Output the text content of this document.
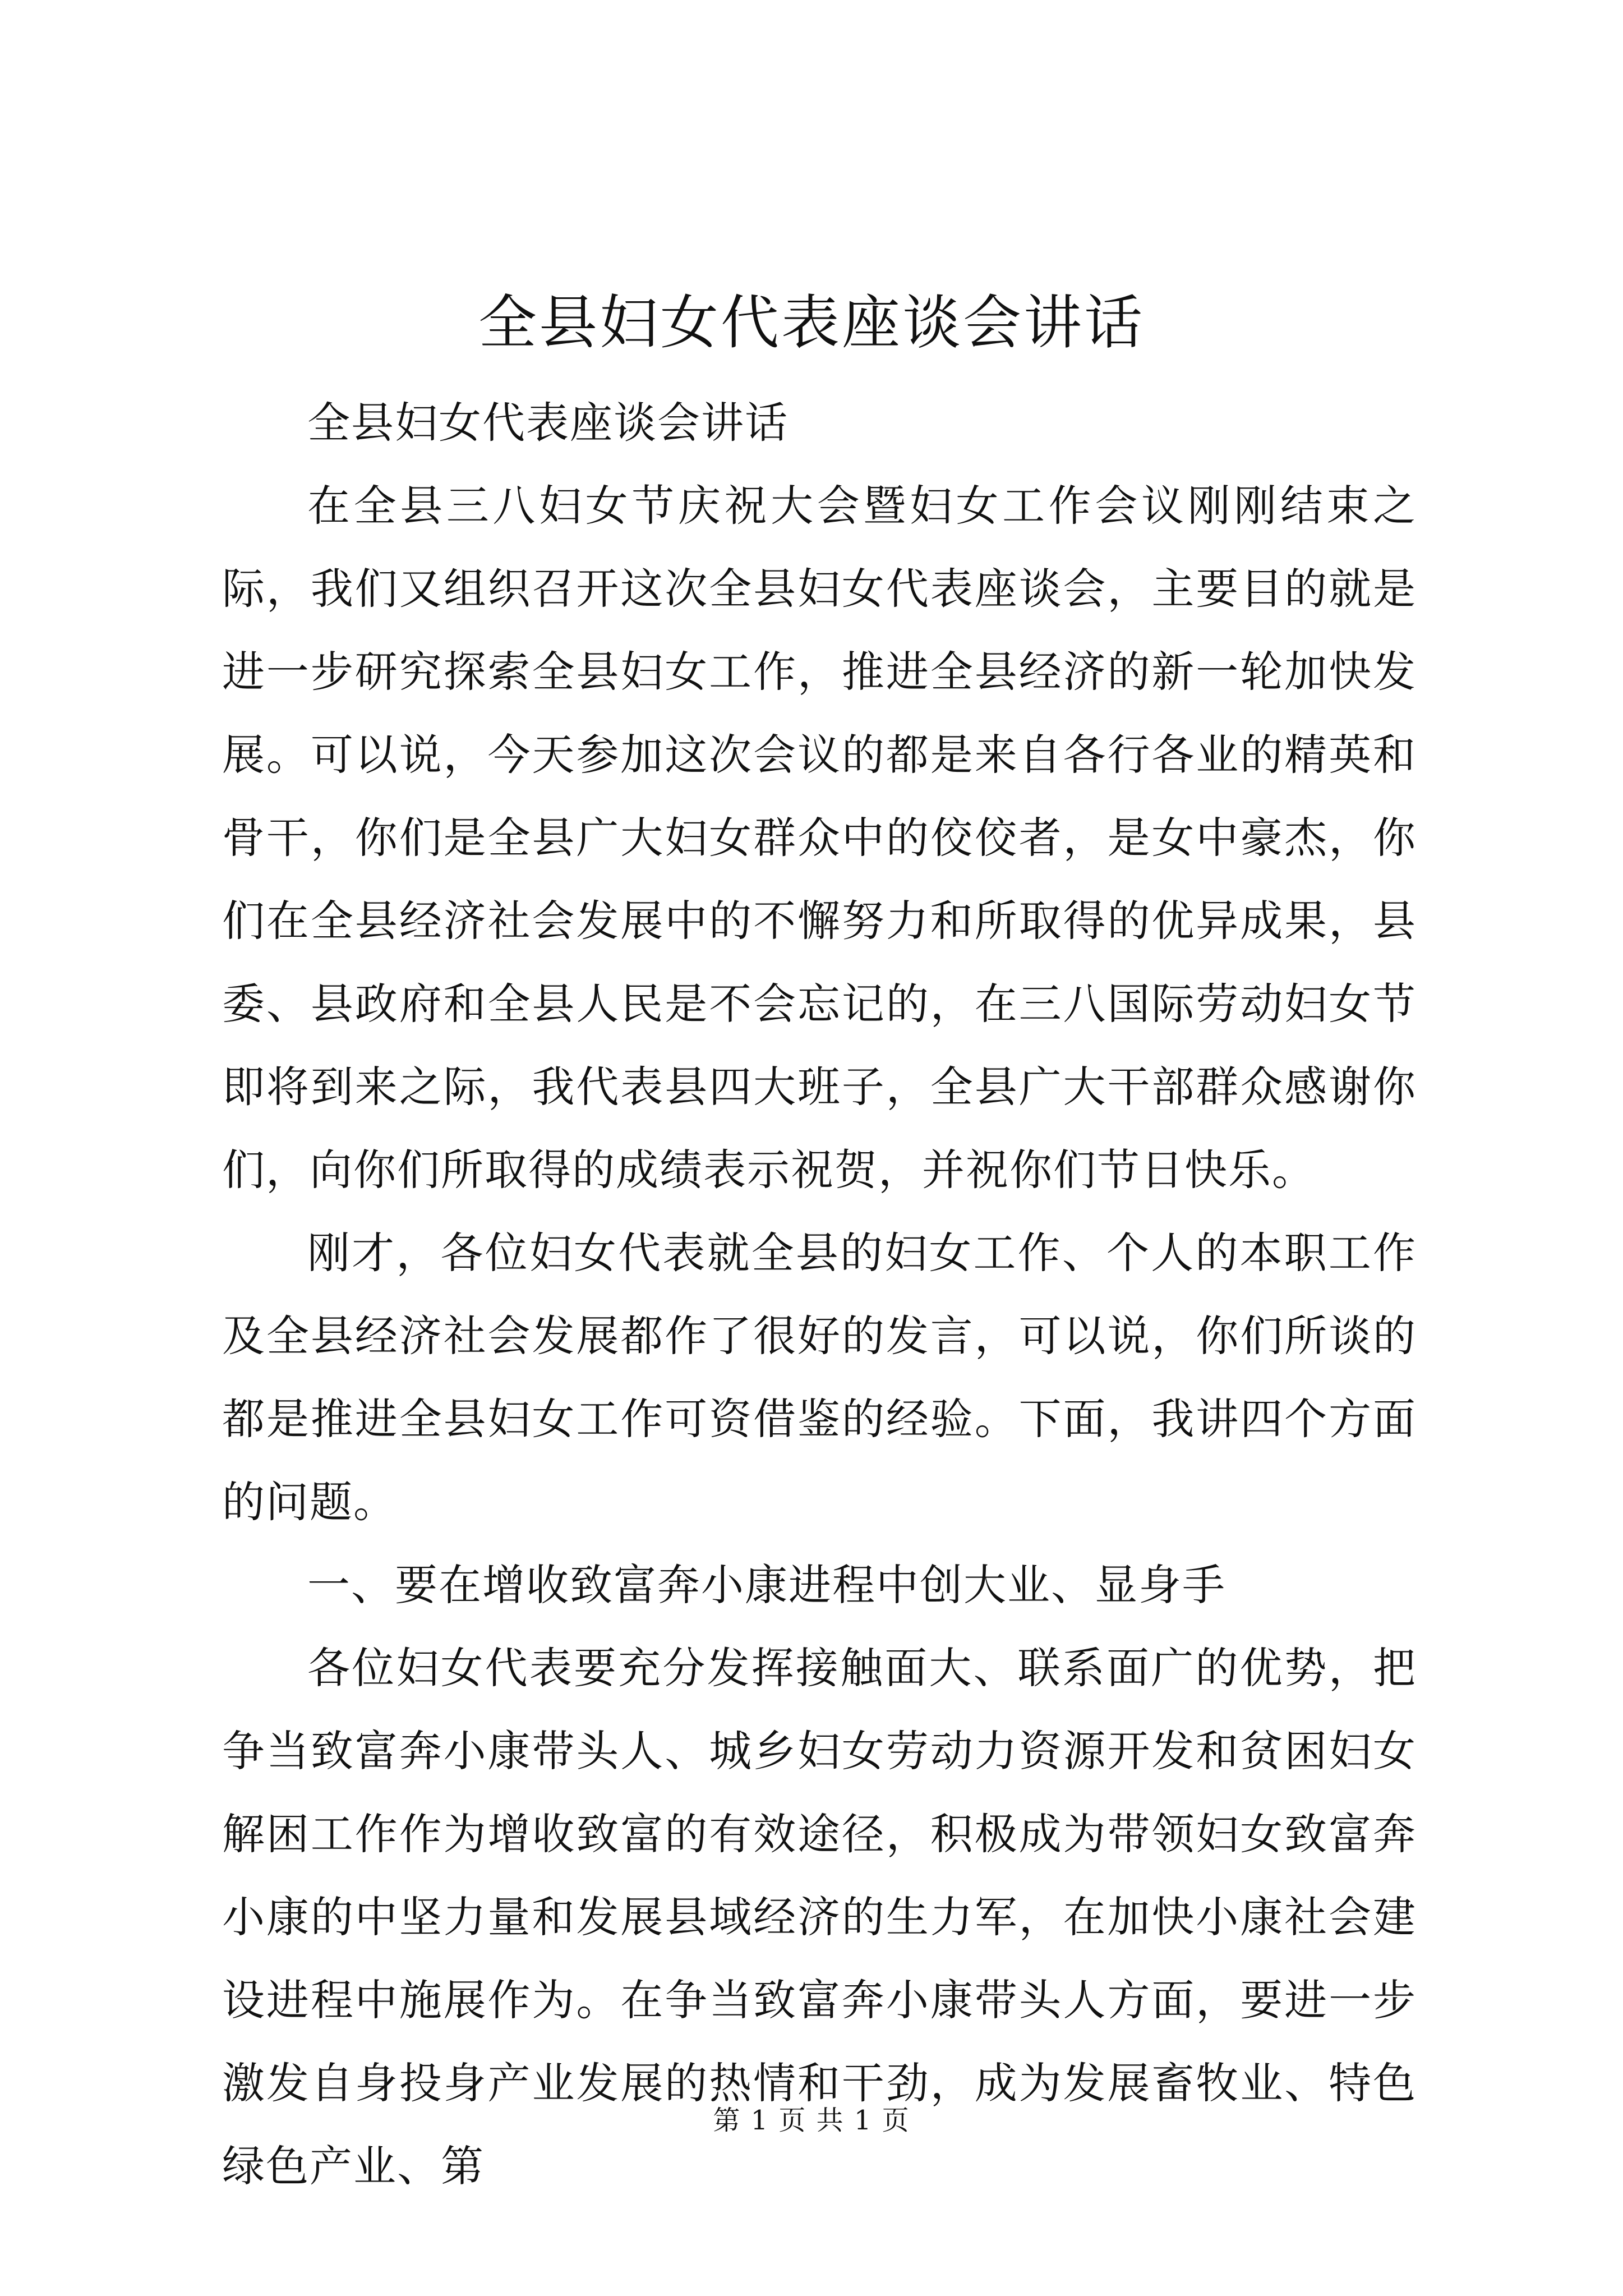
全县妇女代表座谈会讲话

全县妇女代表座谈会讲话

在全县三八妇女节庆祝大会暨妇女工作会议刚刚结束之际，我们又组织召开这次全县妇女代表座谈会，主要目的就是进一步研究探索全县妇女工作，推进全县经济的新一轮加快发展。可以说，今天参加这次会议的都是来自各行各业的精英和骨干，你们是全县广大妇女群众中的佼佼者，是女中豪杰，你们在全县经济社会发展中的不懈努力和所取得的优异成果，县委、县政府和全县人民是不会忘记的，在三八国际劳动妇女节即将到来之际，我代表县四大班子，全县广大干部群众感谢你们，向你们所取得的成绩表示祝贺，并祝你们节日快乐。

刚才，各位妇女代表就全县的妇女工作、个人的本职工作及全县经济社会发展都作了很好的发言，可以说，你们所谈的都是推进全县妇女工作可资借鉴的经验。下面，我讲四个方面的问题。

一、要在增收致富奔小康进程中创大业、显身手

各位妇女代表要充分发挥接触面大、联系面广的优势，把争当致富奔小康带头人、城乡妇女劳动力资源开发和贫困妇女解困工作作为增收致富的有效途径，积极成为带领妇女致富奔小康的中坚力量和发展县域经济的生力军，在加快小康社会建设进程中施展作为。在争当致富奔小康带头人方面，要进一步激发自身投身产业发展的热情和干劲，成为发展畜牧业、特色绿色产业、第

第 1 页 共 1 页
